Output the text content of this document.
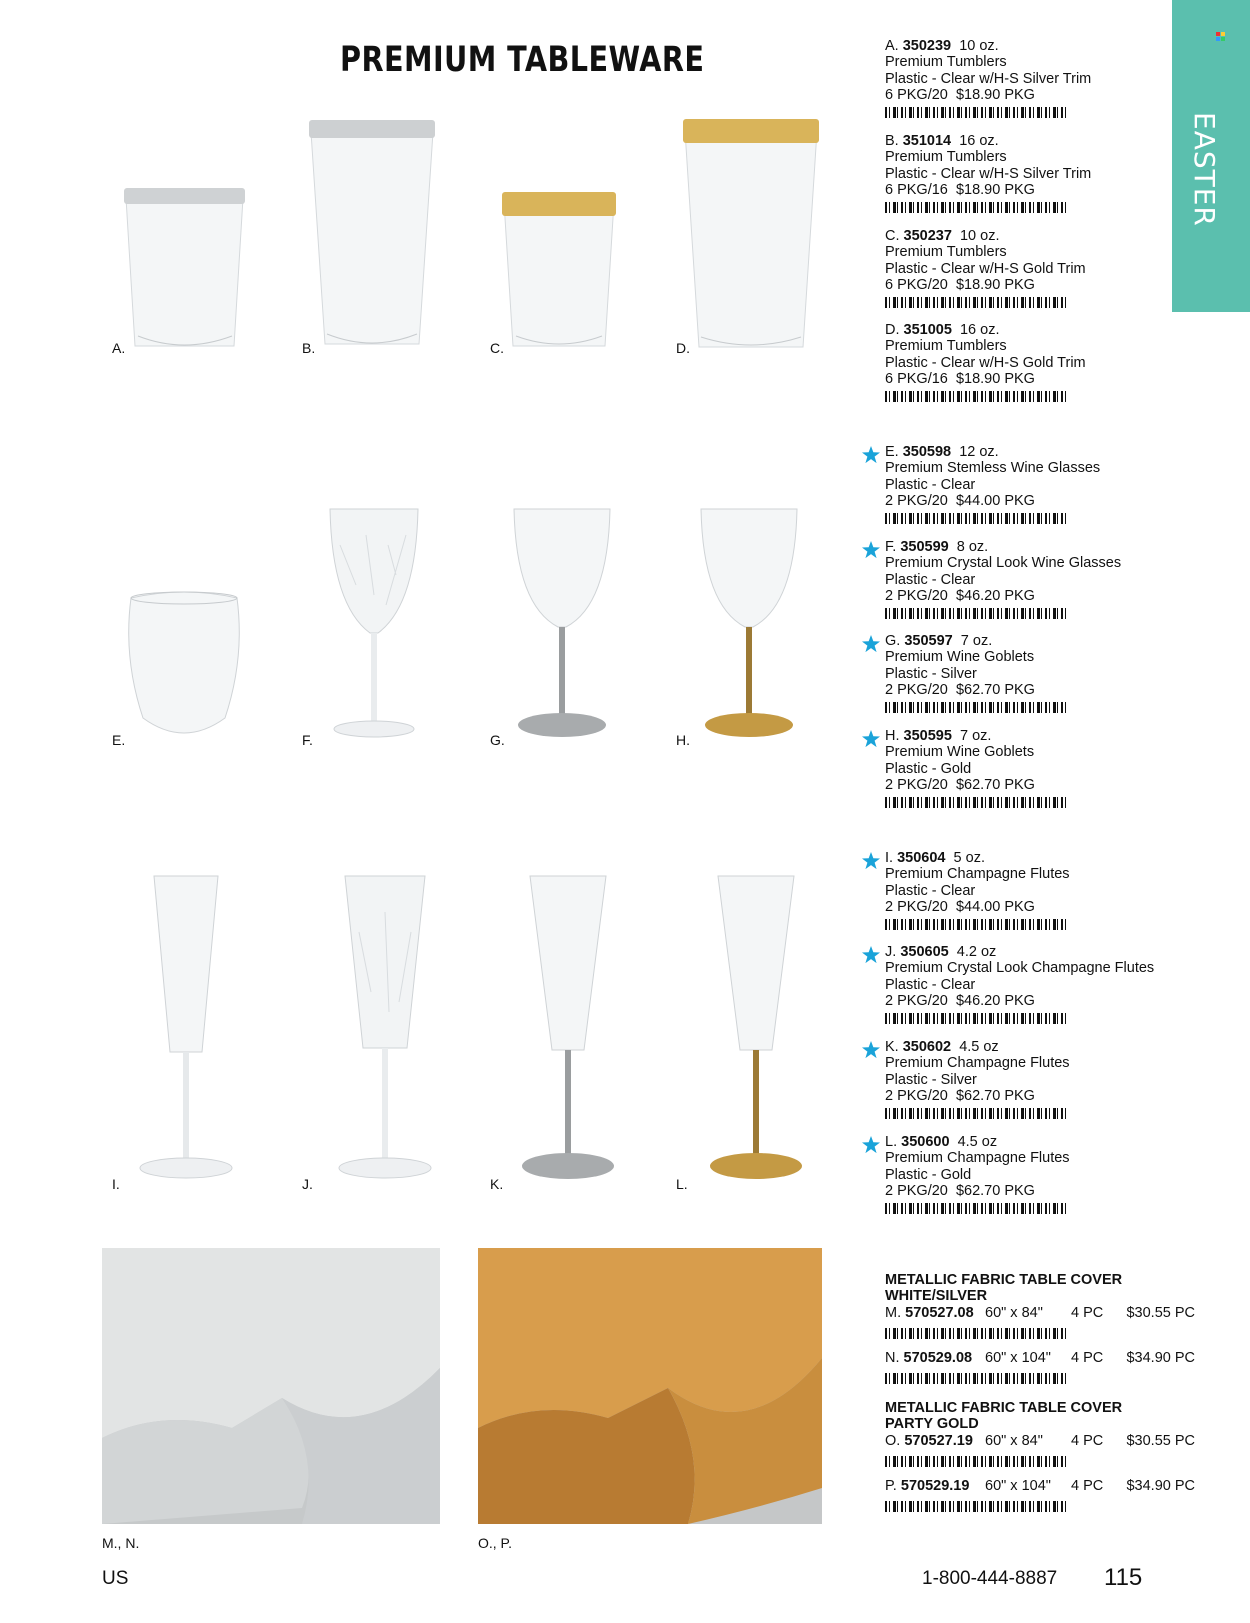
PREMIUM TABLEWARE
EASTER
A.	B.	C.	D.
E.	F.	G.	H.
I.	J.	K.	L.
M., N.	O., P.
A. 350239 10 oz.
Premium Tumblers
Plastic - Clear w/H-S Silver Trim
6 PKG/20 $18.90 PKG
B. 351014 16 oz.
Premium Tumblers
Plastic - Clear w/H-S Silver Trim
6 PKG/16 $18.90 PKG
C. 350237 10 oz.
Premium Tumblers
Plastic - Clear w/H-S Gold Trim
6 PKG/20 $18.90 PKG
D. 351005 16 oz.
Premium Tumblers
Plastic - Clear w/H-S Gold Trim
6 PKG/16 $18.90 PKG
E. 350598 12 oz.
Premium Stemless Wine Glasses
Plastic - Clear
2 PKG/20 $44.00 PKG
F. 350599 8 oz.
Premium Crystal Look Wine Glasses
Plastic - Clear
2 PKG/20 $46.20 PKG
G. 350597 7 oz.
Premium Wine Goblets
Plastic - Silver
2 PKG/20 $62.70 PKG
H. 350595 7 oz.
Premium Wine Goblets
Plastic - Gold
2 PKG/20 $62.70 PKG
I. 350604 5 oz.
Premium Champagne Flutes
Plastic - Clear
2 PKG/20 $44.00 PKG
J. 350605 4.2 oz
Premium Crystal Look Champagne Flutes
Plastic - Clear
2 PKG/20 $46.20 PKG
K. 350602 4.5 oz
Premium Champagne Flutes
Plastic - Silver
2 PKG/20 $62.70 PKG
L. 350600 4.5 oz
Premium Champagne Flutes
Plastic - Gold
2 PKG/20 $62.70 PKG
METALLIC FABRIC TABLE COVER
WHITE/SILVER
M. 570527.08 60" x 84" 4 PC $30.55 PC
N. 570529.08 60" x 104" 4 PC $34.90 PC
METALLIC FABRIC TABLE COVER
PARTY GOLD
O. 570527.19 60" x 84" 4 PC $30.55 PC
P. 570529.19 60" x 104" 4 PC $34.90 PC
US	1-800-444-8887 115
